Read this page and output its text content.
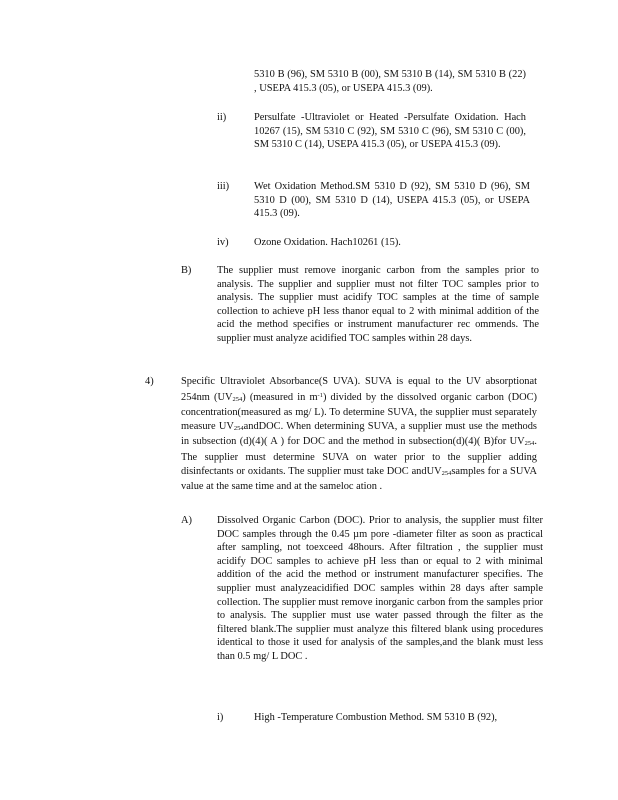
5310 B (96), SM 5310 B (00), SM 5310 B (14), SM 5310 B (22) , USEPA 415.3 (05), or USEPA 415.3 (09).
ii)	Persulfate -Ultraviolet or Heated -Persulfate Oxidation. Hach 10267 (15), SM 5310 C (92), SM 5310 C (96), SM 5310 C (00), SM 5310 C (14), USEPA 415.3 (05), or USEPA 415.3 (09).
iii) Wet Oxidation Method.SM 5310 D (92), SM 5310 D (96), SM 5310 D (00), SM 5310 D (14), USEPA 415.3 (05), or USEPA 415.3 (09).
iv) Ozone Oxidation. Hach10261 (15).
B) The supplier must remove inorganic carbon from the samples prior to analysis. The supplier and supplier must not filter TOC samples prior to analysis. The supplier must acidify TOC samples at the time of sample collection to achieve pH less thanor equal to 2 with minimal addition of the acid the method specifies or instrument manufacturer rec ommends. The supplier must analyze acidified TOC samples within 28 days.
4)	Specific Ultraviolet Absorbance(S UVA). SUVA is equal to the UV absorptionat 254nm (UV254) (measured in $m^{-1}$) divided by the dissolved organic carbon (DOC) concentration(measured as mg/ L). To determine SUVA, the supplier must separately measure UV254andDOC. When determining SUVA, a supplier must use the methods in subsection (d)(4)( A ) for DOC and the method in subsection(d)(4)( B)for UV254. The supplier must determine SUVA on water prior to the supplier adding disinfectants or oxidants. The supplier must take DOC andUV254samples for a SUVA value at the same time and at the sameloc ation .
A) Dissolved Organic Carbon (DOC). Prior to analysis, the supplier must filter DOC samples through the 0.45 µm pore -diameter filter as soon as practical after sampling, not toexceed 48hours. After filtration , the supplier must acidify DOC samples to achieve pH less than or equal to 2 with minimal addition of the acid the method or instrument manufacturer specifies. The supplier must analyzeacidified DOC samples within 28 days after sample collection. The supplier must remove inorganic carbon from the samples prior to analysis. The supplier must use water passed through the filter as the filtered blank.The supplier must analyze this filtered blank using procedures identical to those it used for analysis of the samples,and the blank must less than 0.5 mg/ L DOC .
i)	High -Temperature Combustion Method. SM 5310 B (92),
